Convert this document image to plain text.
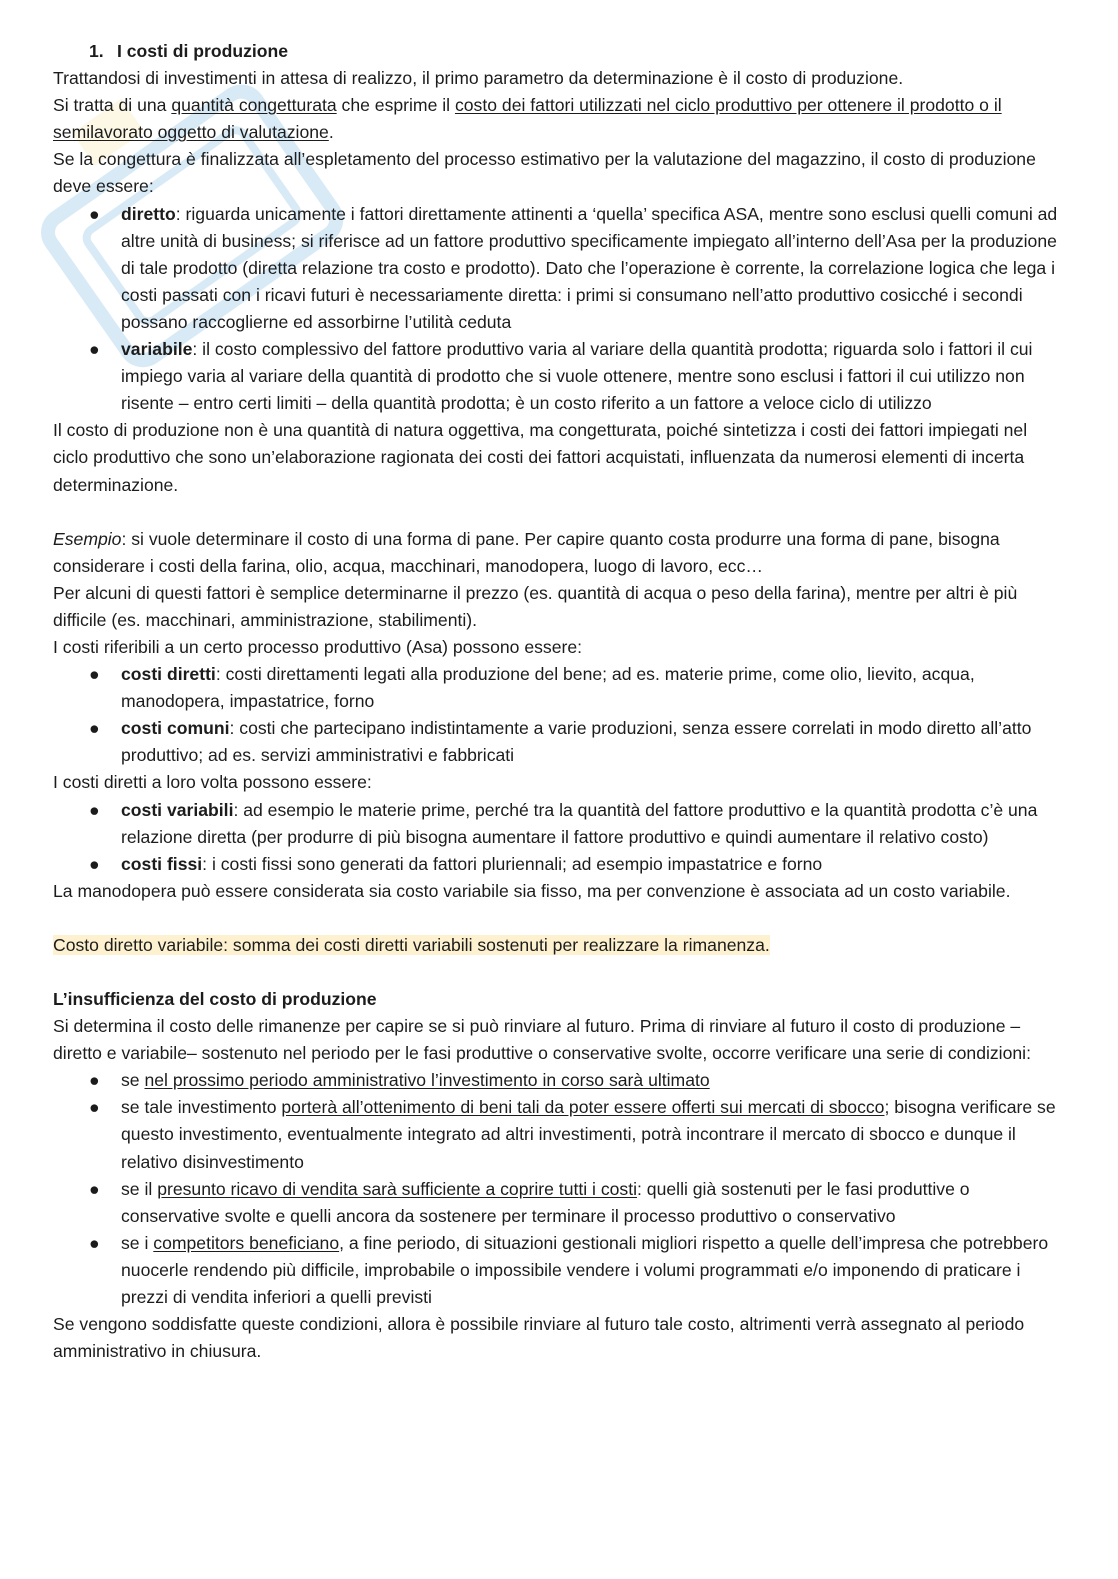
1. I costi di produzione

Trattandosi di investimenti in attesa di realizzo, il primo parametro da determinazione è il costo di produzione.

Si tratta di una quantità congetturata che esprime il costo dei fattori utilizzati nel ciclo produttivo per ottenere il prodotto o il semilavorato oggetto di valutazione.

Se la congettura è finalizzata all’espletamento del processo estimativo per la valutazione del magazzino, il costo di produzione deve essere:

● diretto: riguarda unicamente i fattori direttamente attinenti a ‘quella’ specifica ASA, mentre sono esclusi quelli comuni ad altre unità di business; si riferisce ad un fattore produttivo specificamente impiegato all’interno dell’Asa per la produzione di tale prodotto (diretta relazione tra costo e prodotto). Dato che l’operazione è corrente, la correlazione logica che lega i costi passati con i ricavi futuri è necessariamente diretta: i primi si consumano nell’atto produttivo cosicché i secondi possano raccoglierne ed assorbirne l’utilità ceduta
● variabile: il costo complessivo del fattore produttivo varia al variare della quantità prodotta; riguarda solo i fattori il cui impiego varia al variare della quantità di prodotto che si vuole ottenere, mentre sono esclusi i fattori il cui utilizzo non risente – entro certi limiti – della quantità prodotta; è un costo riferito a un fattore a veloce ciclo di utilizzo

Il costo di produzione non è una quantità di natura oggettiva, ma congetturata, poiché sintetizza i costi dei fattori impiegati nel ciclo produttivo che sono un’elaborazione ragionata dei costi dei fattori acquistati, influenzata da numerosi elementi di incerta determinazione.

Esempio: si vuole determinare il costo di una forma di pane. Per capire quanto costa produrre una forma di pane, bisogna considerare i costi della farina, olio, acqua, macchinari, manodopera, luogo di lavoro, ecc…

Per alcuni di questi fattori è semplice determinarne il prezzo (es. quantità di acqua o peso della farina), mentre per altri è più difficile (es. macchinari, amministrazione, stabilimenti).

I costi riferibili a un certo processo produttivo (Asa) possono essere:

● costi diretti: costi direttamenti legati alla produzione del bene; ad es. materie prime, come olio, lievito, acqua, manodopera, impastatrice, forno
● costi comuni: costi che partecipano indistintamente a varie produzioni, senza essere correlati in modo diretto all’atto produttivo; ad es. servizi amministrativi e fabbricati

I costi diretti a loro volta possono essere:

● costi variabili: ad esempio le materie prime, perché tra la quantità del fattore produttivo e la quantità prodotta c’è una relazione diretta (per produrre di più bisogna aumentare il fattore produttivo e quindi aumentare il relativo costo)
● costi fissi: i costi fissi sono generati da fattori pluriennali; ad esempio impastatrice e forno

La manodopera può essere considerata sia costo variabile sia fisso, ma per convenzione è associata ad un costo variabile.

Costo diretto variabile: somma dei costi diretti variabili sostenuti per realizzare la rimanenza.

L’insufficienza del costo di produzione

Si determina il costo delle rimanenze per capire se si può rinviare al futuro. Prima di rinviare al futuro il costo di produzione –diretto e variabile– sostenuto nel periodo per le fasi produttive o conservative svolte, occorre verificare una serie di condizioni:

● se nel prossimo periodo amministrativo l’investimento in corso sarà ultimato
● se tale investimento porterà all’ottenimento di beni tali da poter essere offerti sui mercati di sbocco; bisogna verificare se questo investimento, eventualmente integrato ad altri investimenti, potrà incontrare il mercato di sbocco e dunque il relativo disinvestimento
● se il presunto ricavo di vendita sarà sufficiente a coprire tutti i costi: quelli già sostenuti per le fasi produttive o conservative svolte e quelli ancora da sostenere per terminare il processo produttivo o conservativo
● se i competitors beneficiano, a fine periodo, di situazioni gestionali migliori rispetto a quelle dell’impresa che potrebbero nuocerle rendendo più difficile, improbabile o impossibile vendere i volumi programmati e/o imponendo di praticare i prezzi di vendita inferiori a quelli previsti

Se vengono soddisfatte queste condizioni, allora è possibile rinviare al futuro tale costo, altrimenti verrà assegnato al periodo amministrativo in chiusura.
